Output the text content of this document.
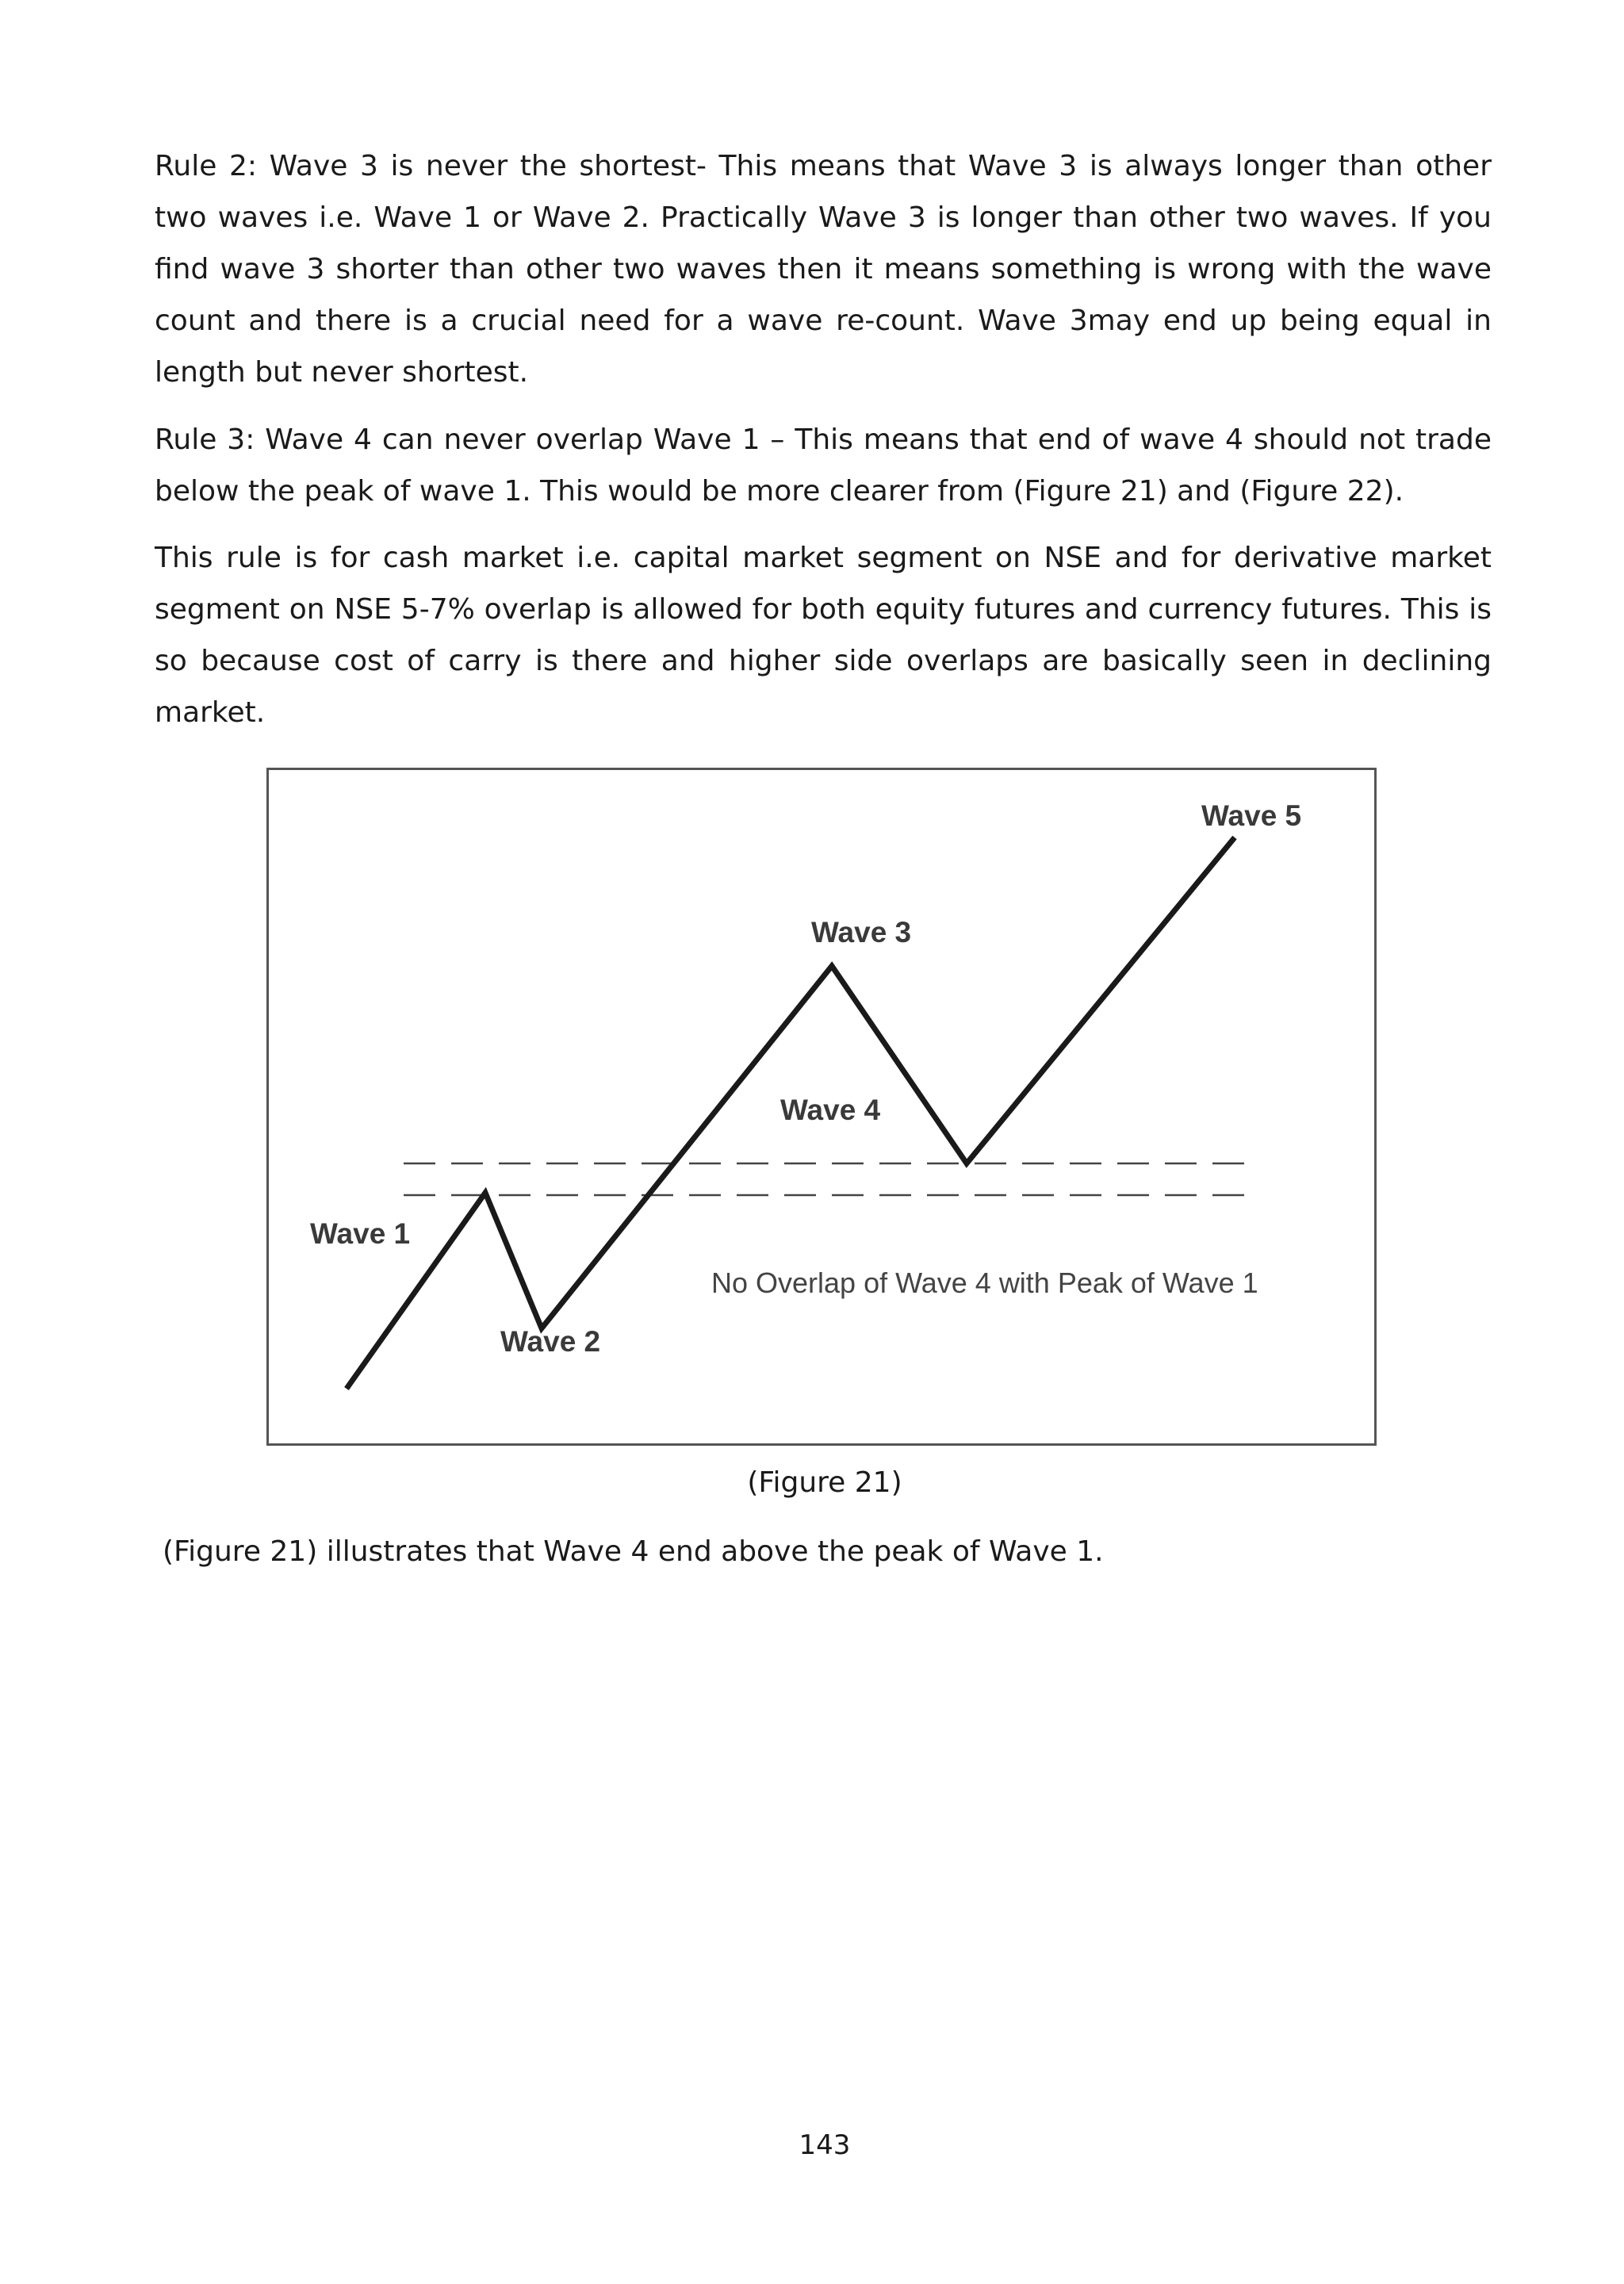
Rule 2: Wave 3 is never the shortest- This means that Wave 3 is always longer than other two waves i.e. Wave 1 or Wave 2. Practically Wave 3 is longer than other two waves. If you find wave 3 shorter than other two waves then it means something is wrong with the wave count and there is a crucial need for a wave re-count. Wave 3may end up being equal in length but never shortest.

Rule 3: Wave 4 can never overlap Wave 1 – This means that end of wave 4 should not trade below the peak of wave 1. This would be more clearer from (Figure 21) and (Figure 22).

This rule is for cash market i.e. capital market segment on NSE and for derivative market segment on NSE 5-7% overlap is allowed for both equity futures and currency futures. This is so because cost of carry is there and higher side overlaps are basically seen in declining market.

Wave 1
Wave 2
Wave 3
Wave 4
Wave 5
No Overlap of Wave 4 with Peak of Wave 1

(Figure 21)

(Figure 21) illustrates that Wave 4 end above the peak of Wave 1.

143
